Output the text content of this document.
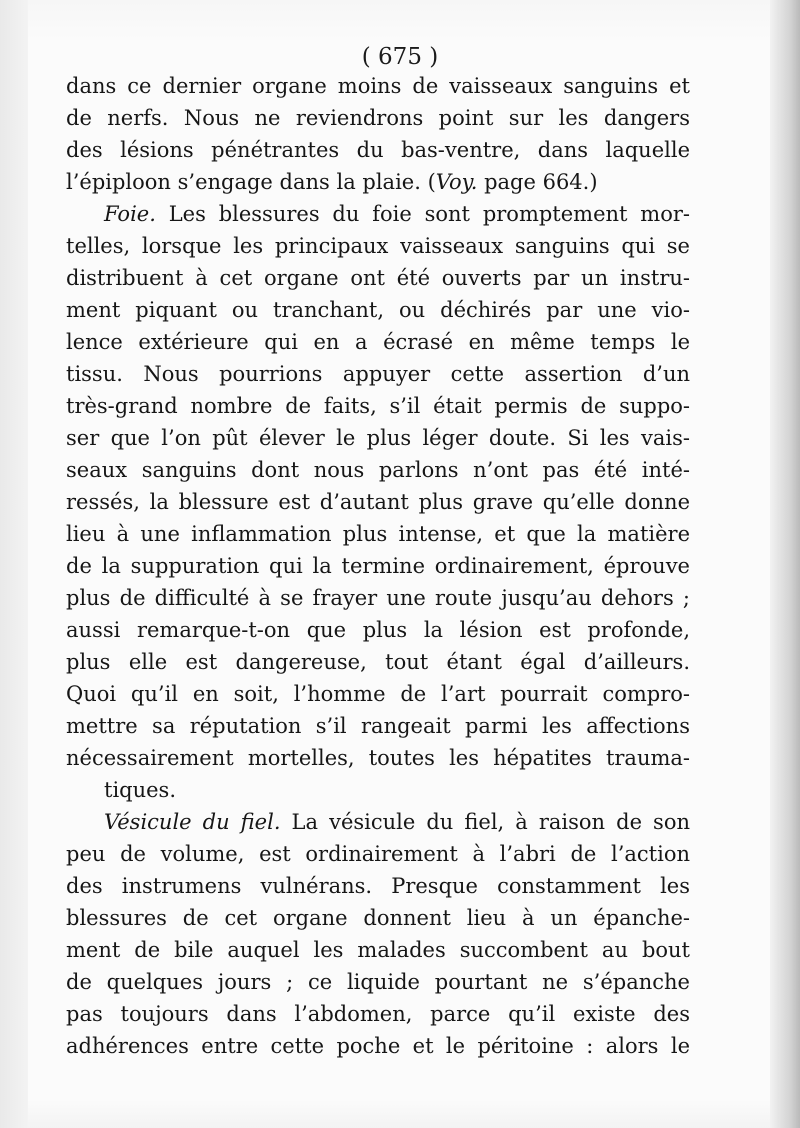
( 675 )
dans ce dernier organe moins de vaisseaux sanguins et
de nerfs. Nous ne reviendrons point sur les dangers
des lésions pénétrantes du bas-ventre, dans laquelle
l’épiploon s’engage dans la plaie. (Voy. page 664.)
Foie. Les blessures du foie sont promptement mor-
telles, lorsque les principaux vaisseaux sanguins qui se
distribuent à cet organe ont été ouverts par un instru-
ment piquant ou tranchant, ou déchirés par une vio-
lence extérieure qui en a écrasé en même temps le
tissu. Nous pourrions appuyer cette assertion d’un
très-grand nombre de faits, s’il était permis de suppo-
ser que l’on pût élever le plus léger doute. Si les vais-
seaux sanguins dont nous parlons n’ont pas été inté-
ressés, la blessure est d’autant plus grave qu’elle donne
lieu à une inflammation plus intense, et que la matière
de la suppuration qui la termine ordinairement, éprouve
plus de difficulté à se frayer une route jusqu’au dehors ;
aussi remarque-t-on que plus la lésion est profonde,
plus elle est dangereuse, tout étant égal d’ailleurs.
Quoi qu’il en soit, l’homme de l’art pourrait compro-
mettre sa réputation s’il rangeait parmi les affections
nécessairement mortelles, toutes les hépatites trauma-
tiques.
Vésicule du fiel. La vésicule du fiel, à raison de son
peu de volume, est ordinairement à l’abri de l’action
des instrumens vulnérans. Presque constamment les
blessures de cet organe donnent lieu à un épanche-
ment de bile auquel les malades succombent au bout
de quelques jours ; ce liquide pourtant ne s’épanche
pas toujours dans l’abdomen, parce qu’il existe des
adhérences entre cette poche et le péritoine : alors le
